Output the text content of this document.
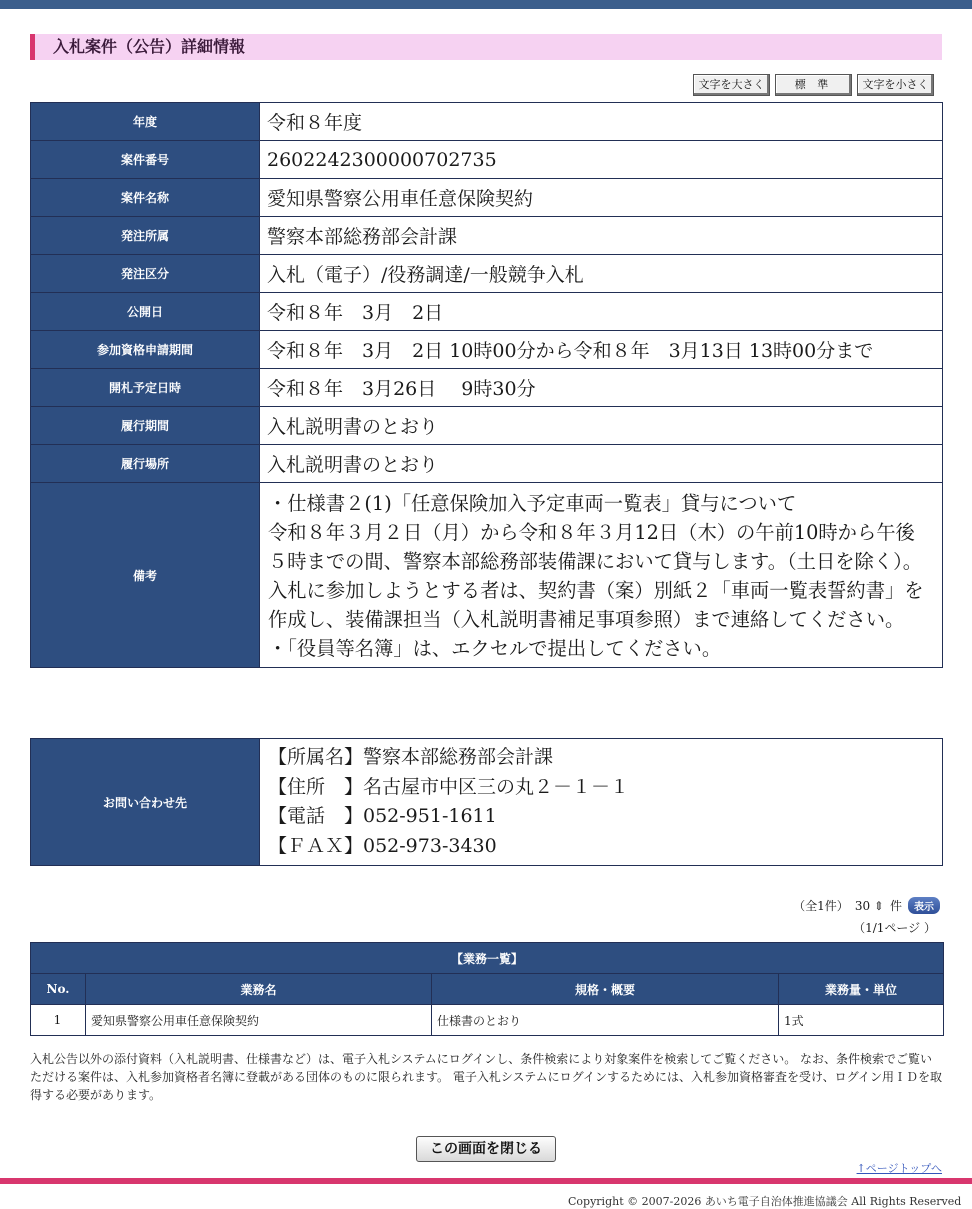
入札案件（公告）詳細情報
文字を大さく	標 準	文字を小さく
年度	令和８年度
案件番号	2602242300000702735
案件名称	愛知県警察公用車任意保険契約
発注所属	警察本部総務部会計課
発注区分	入札（電子）/役務調達/一般競争入札
公開日	令和８年　3月　2日
参加資格申請期間	令和８年　3月　2日 10時00分から令和８年　3月13日 13時00分まで
開札予定日時	令和８年　3月26日　 9時30分
履行期間	入札説明書のとおり
履行場所	入札説明書のとおり
備考	・仕様書２(1)「任意保険加入予定車両一覧表」貸与について

令和８年３月２日（月）から令和８年３月12日（木）の午前10時から午後５時までの間、警察本部総務部装備課において貸与します。（土日を除く）。入札に参加しようとする者は、契約書（案）別紙２「車両一覧表誓約書」を作成し、装備課担当（入札説明書補足事項参照）まで連絡してください。

・「役員等名簿」は、エクセルで提出してください。

お問い合わせ先	
【所属名】警察本部総務部会計課
【住所　】名古屋市中区三の丸２－１－１
【電話　】052-951-1611
【ＦＡＸ】052-973-3430
（全1件） 30 ⇕ 件	表示
（1/1ページ ）
【業務一覧】			
No.	業務名	規格・概要	業務量・単位
1	愛知県警察公用車任意保険契約	仕様書のとおり	1式
入札公告以外の添付資料（入札説明書、仕様書など）は、電子入札システムにログインし、条件検索により対象案件を検索してご覧ください。 なお、条件検索でご覧いただける案件は、入札参加資格者名簿に登載がある団体のものに限られます。 電子入札システムにログインするためには、入札参加資格審査を受け、ログイン用ＩＤを取得する必要があります。
この画面を閉じる
↑ページトップへ
Copyright © 2007-2026 あいち電子自治体推進協議会 All Rights Reserved
